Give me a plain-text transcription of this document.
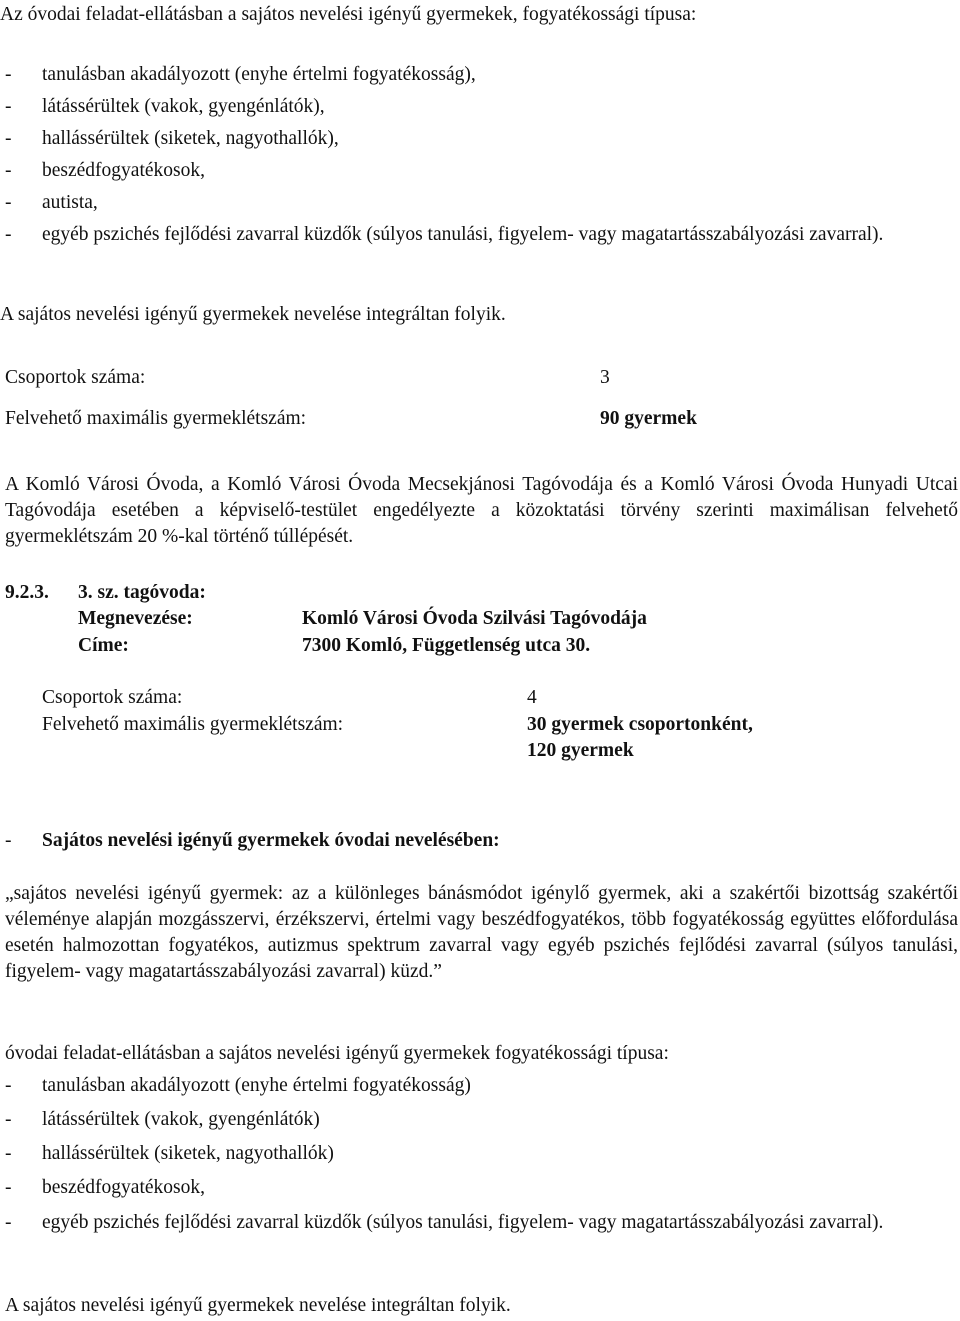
Az óvodai feladat-ellátásban a sajátos nevelési igényű gyermekek, fogyatékossági típusa:
- tanulásban akadályozott (enyhe értelmi fogyatékosság),
- látássérültek (vakok, gyengénlátók),
- hallássérültek (siketek, nagyothallók),
- beszédfogyatékosok,
- autista,
- egyéb pszichés fejlődési zavarral küzdők (súlyos tanulási, figyelem- vagy magatartásszabályozási zavarral).
A sajátos nevelési igényű gyermekek nevelése integráltan folyik.
Csoportok száma:	3
Felvehető maximális gyermeklétszám:	90 gyermek
A Komló Városi Óvoda, a Komló Városi Óvoda Mecsekjánosi Tagóvodája és a Komló Városi Óvoda Hunyadi Utcai Tagóvodája esetében a képviselő-testület engedélyezte a közoktatási törvény szerinti maximálisan felvehető gyermeklétszám 20 %-kal történő túllépését.
9.2.3. 3. sz. tagóvoda:
Megnevezése:	Komló Városi Óvoda Szilvási Tagóvodája
Címe:	7300 Komló, Függetlenség utca 30.
Csoportok száma:	4
Felvehető maximális gyermeklétszám:	30 gyermek csoportonként,
120 gyermek
- Sajátos nevelési igényű gyermekek óvodai nevelésében:
„sajátos nevelési igényű gyermek: az a különleges bánásmódot igénylő gyermek, aki a szakértői bizottság szakértői véleménye alapján mozgásszervi, érzékszervi, értelmi vagy beszédfogyatékos, több fogyatékosság együttes előfordulása esetén halmozottan fogyatékos, autizmus spektrum zavarral vagy egyéb pszichés fejlődési zavarral (súlyos tanulási, figyelem- vagy magatartásszabályozási zavarral) küzd.”
óvodai feladat-ellátásban a sajátos nevelési igényű gyermekek fogyatékossági típusa:
- tanulásban akadályozott (enyhe értelmi fogyatékosság)
- látássérültek (vakok, gyengénlátók)
- hallássérültek (siketek, nagyothallók)
- beszédfogyatékosok,
- egyéb pszichés fejlődési zavarral küzdők (súlyos tanulási, figyelem- vagy magatartásszabályozási zavarral).
A sajátos nevelési igényű gyermekek nevelése integráltan folyik.
